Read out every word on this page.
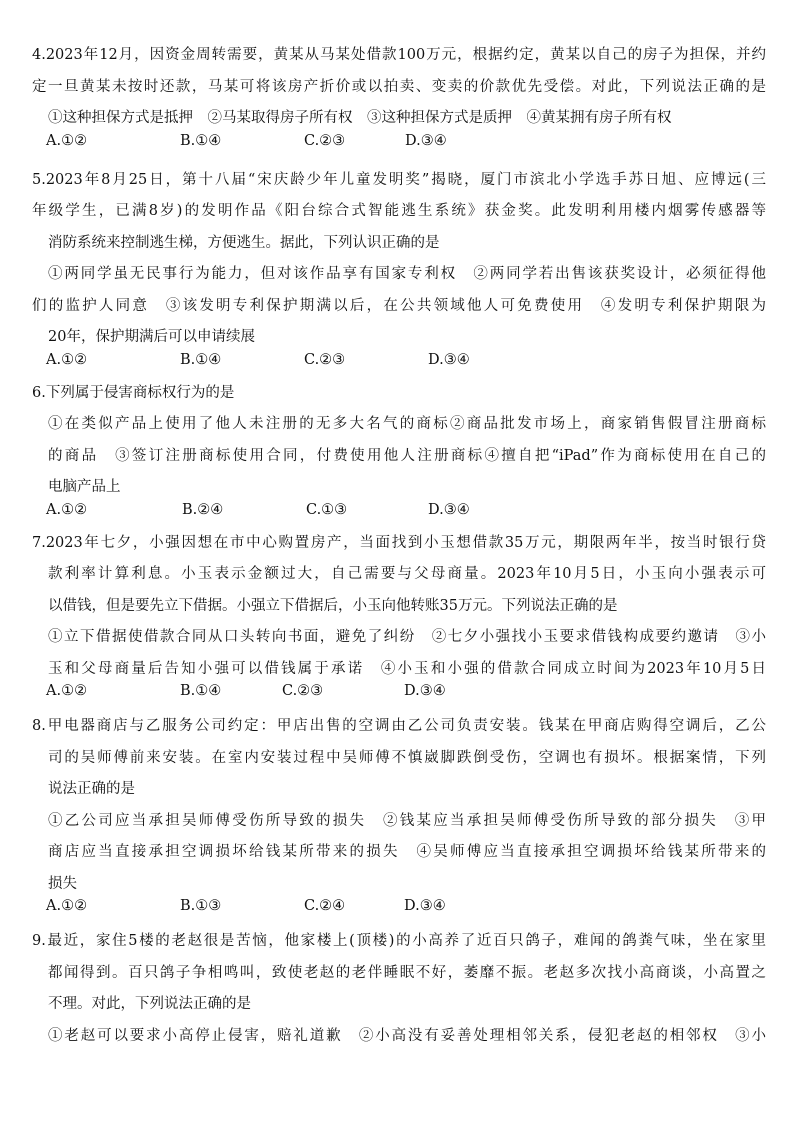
4.2023年12月，因资金周转需要，黄某从马某处借款100万元，根据约定，黄某以自己的房子为担保，并约
定一旦黄某未按时还款，马某可将该房产折价或以拍卖、变卖的价款优先受偿。对此，下列说法正确的是
①这种担保方式是抵押　②马某取得房子所有权　③这种担保方式是质押　④黄某拥有房子所有权
A.①②	B.①④	C.②③	D.③④
5.2023年8月25日，第十八届“宋庆龄少年儿童发明奖”揭晓，厦门市滨北小学选手苏日旭、应博远(三
年级学生，已满8岁)的发明作品《阳台综合式智能逃生系统》获金奖。此发明利用楼内烟雾传感器等
消防系统来控制逃生梯，方便逃生。据此，下列认识正确的是
①两同学虽无民事行为能力，但对该作品享有国家专利权　②两同学若出售该获奖设计，必须征得他
们的监护人同意　③该发明专利保护期满以后，在公共领域他人可免费使用　④发明专利保护期限为
20年，保护期满后可以申请续展
A.①②	B.①④	C.②③	D.③④
6.下列属于侵害商标权行为的是
①在类似产品上使用了他人未注册的无多大名气的商标②商品批发市场上，商家销售假冒注册商标
的商品　③签订注册商标使用合同，付费使用他人注册商标④擅自把“iPad”作为商标使用在自己的
电脑产品上
A.①②	B.②④	C.①③	D.③④
7.2023年七夕，小强因想在市中心购置房产，当面找到小玉想借款35万元，期限两年半，按当时银行贷
款利率计算利息。小玉表示金额过大，自己需要与父母商量。2023年10月5日，小玉向小强表示可
以借钱，但是要先立下借据。小强立下借据后，小玉向他转账35万元。下列说法正确的是
①立下借据使借款合同从口头转向书面，避免了纠纷　②七夕小强找小玉要求借钱构成要约邀请　③小
玉和父母商量后告知小强可以借钱属于承诺　④小玉和小强的借款合同成立时间为2023年10月5日
A.①②	B.①④	C.②③	D.③④
8.甲电器商店与乙服务公司约定：甲店出售的空调由乙公司负责安装。钱某在甲商店购得空调后，乙公
司的吴师傅前来安装。在室内安装过程中吴师傅不慎崴脚跌倒受伤，空调也有损坏。根据案情，下列
说法正确的是
①乙公司应当承担吴师傅受伤所导致的损失　②钱某应当承担吴师傅受伤所导致的部分损失　③甲
商店应当直接承担空调损坏给钱某所带来的损失　④吴师傅应当直接承担空调损坏给钱某所带来的
损失
A.①②	B.①③	C.②④	D.③④
9.最近，家住5楼的老赵很是苦恼，他家楼上(顶楼)的小高养了近百只鸽子，难闻的鸽粪气味，坐在家里
都闻得到。百只鸽子争相鸣叫，致使老赵的老伴睡眠不好，萎靡不振。老赵多次找小高商谈，小高置之
不理。对此，下列说法正确的是
①老赵可以要求小高停止侵害，赔礼道歉　②小高没有妥善处理相邻关系，侵犯老赵的相邻权　③小
